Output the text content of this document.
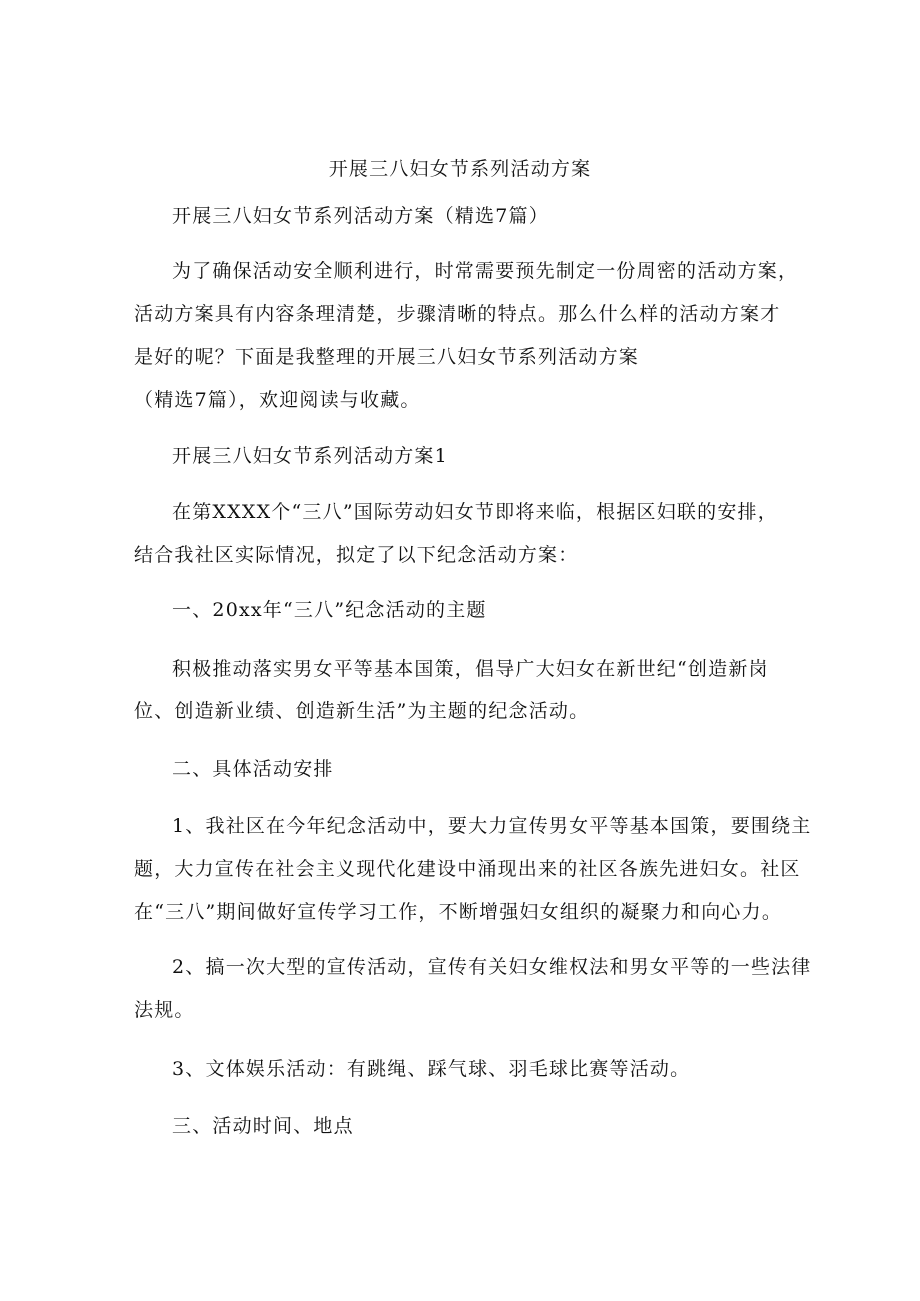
开展三八妇女节系列活动方案
开展三八妇女节系列活动方案（精选7篇）
为了确保活动安全顺利进行，时常需要预先制定一份周密的活动方案，
活动方案具有内容条理清楚，步骤清晰的特点。那么什么样的活动方案才
是好的呢？下面是我整理的开展三八妇女节系列活动方案
（精选7篇），欢迎阅读与收藏。
开展三八妇女节系列活动方案1
在第XXXX个“三八”国际劳动妇女节即将来临，根据区妇联的安排，
结合我社区实际情况，拟定了以下纪念活动方案：
一、20xx年“三八”纪念活动的主题
积极推动落实男女平等基本国策，倡导广大妇女在新世纪“创造新岗
位、创造新业绩、创造新生活”为主题的纪念活动。
二、具体活动安排
1、我社区在今年纪念活动中，要大力宣传男女平等基本国策，要围绕主
题，大力宣传在社会主义现代化建设中涌现出来的社区各族先进妇女。社区
在“三八”期间做好宣传学习工作，不断增强妇女组织的凝聚力和向心力。
2、搞一次大型的宣传活动，宣传有关妇女维权法和男女平等的一些法律
法规。
3、文体娱乐活动：有跳绳、踩气球、羽毛球比赛等活动。
三、活动时间、地点
